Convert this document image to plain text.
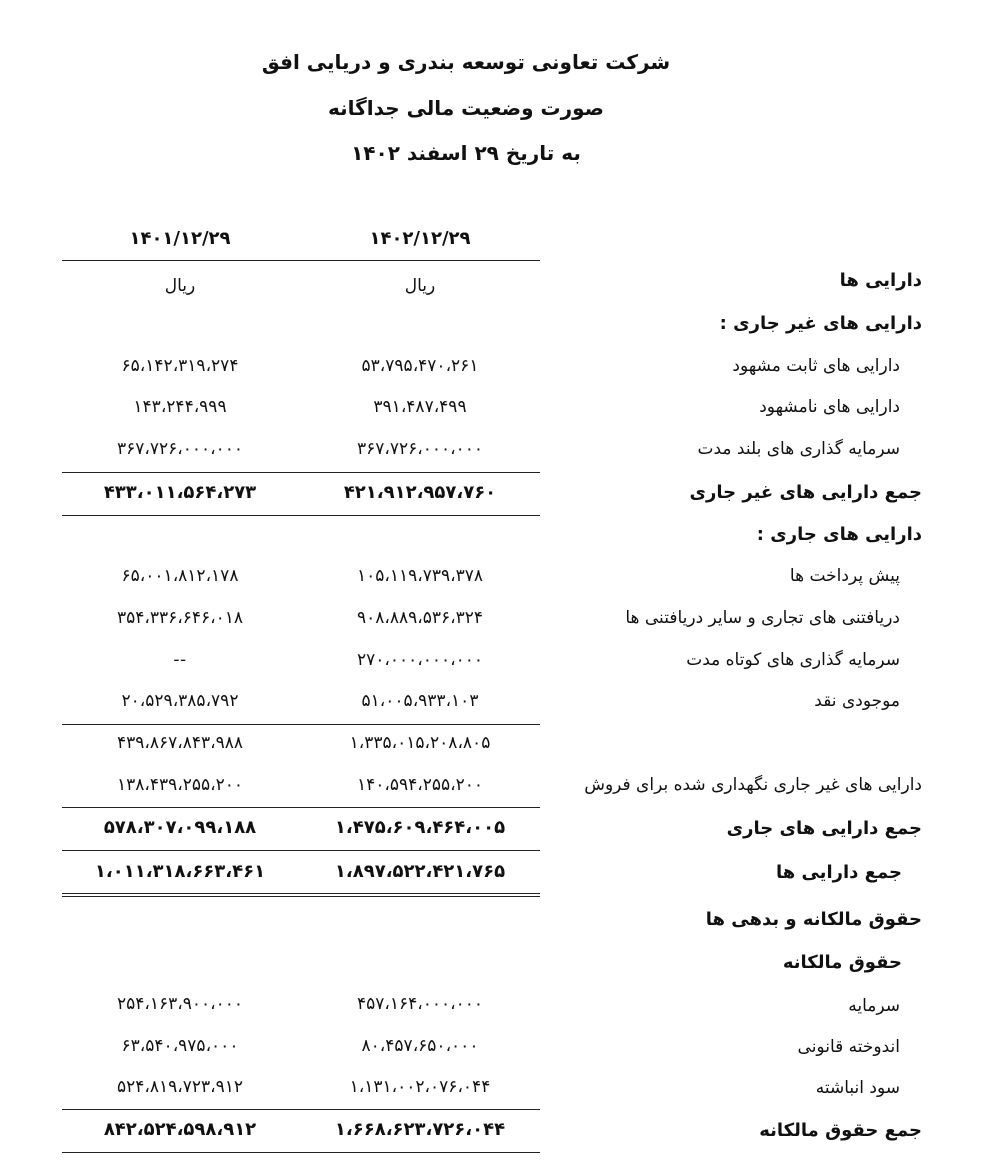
شرکت تعاونی توسعه بندری و دریایی افق
صورت وضعیت مالی جداگانه
به تاریخ ۲۹ اسفند ۱۴۰۲
۱۴۰۲/۱۲/۲۹
۱۴۰۱/۱۲/۲۹
ریال
ریال	دارایی ها
دارایی های غیر جاری :
دارایی های ثابت مشهود
۵۳،۷۹۵،۴۷۰،۲۶۱
۶۵،۱۴۲،۳۱۹،۲۷۴
دارایی های نامشهود
۳۹۱،۴۸۷،۴۹۹
۱۴۳،۲۴۴،۹۹۹
سرمایه گذاری های بلند مدت
۳۶۷،۷۲۶،۰۰۰،۰۰۰
۳۶۷،۷۲۶،۰۰۰،۰۰۰
جمع دارایی های غیر جاری
۴۲۱،۹۱۲،۹۵۷،۷۶۰
۴۳۳،۰۱۱،۵۶۴،۲۷۳
دارایی های جاری :
پیش پرداخت ها
۱۰۵،۱۱۹،۷۳۹،۳۷۸
۶۵،۰۰۱،۸۱۲،۱۷۸
دریافتنی های تجاری و سایر دریافتنی ها
۹۰۸،۸۸۹،۵۳۶،۳۲۴
۳۵۴،۳۳۶،۶۴۶،۰۱۸
سرمایه گذاری های کوتاه مدت
۲۷۰،۰۰۰،۰۰۰،۰۰۰
--
موجودی نقد
۵۱،۰۰۵،۹۳۳،۱۰۳
۲۰،۵۲۹،۳۸۵،۷۹۲
۱،۳۳۵،۰۱۵،۲۰۸،۸۰۵
۴۳۹،۸۶۷،۸۴۳،۹۸۸
دارایی های غیر جاری نگهداری شده برای فروش
۱۴۰،۵۹۴،۲۵۵،۲۰۰
۱۳۸،۴۳۹،۲۵۵،۲۰۰
جمع دارایی های جاری
۱،۴۷۵،۶۰۹،۴۶۴،۰۰۵
۵۷۸،۳۰۷،۰۹۹،۱۸۸
جمع دارایی ها
۱،۸۹۷،۵۲۲،۴۲۱،۷۶۵
۱،۰۱۱،۳۱۸،۶۶۳،۴۶۱
حقوق مالکانه و بدهی ها
حقوق مالکانه
سرمایه
۴۵۷،۱۶۴،۰۰۰،۰۰۰
۲۵۴،۱۶۳،۹۰۰،۰۰۰
اندوخته قانونی
۸۰،۴۵۷،۶۵۰،۰۰۰
۶۳،۵۴۰،۹۷۵،۰۰۰
سود انباشته
۱،۱۳۱،۰۰۲،۰۷۶،۰۴۴
۵۲۴،۸۱۹،۷۲۳،۹۱۲
جمع حقوق مالکانه
۱،۶۶۸،۶۲۳،۷۲۶،۰۴۴
۸۴۲،۵۲۴،۵۹۸،۹۱۲
